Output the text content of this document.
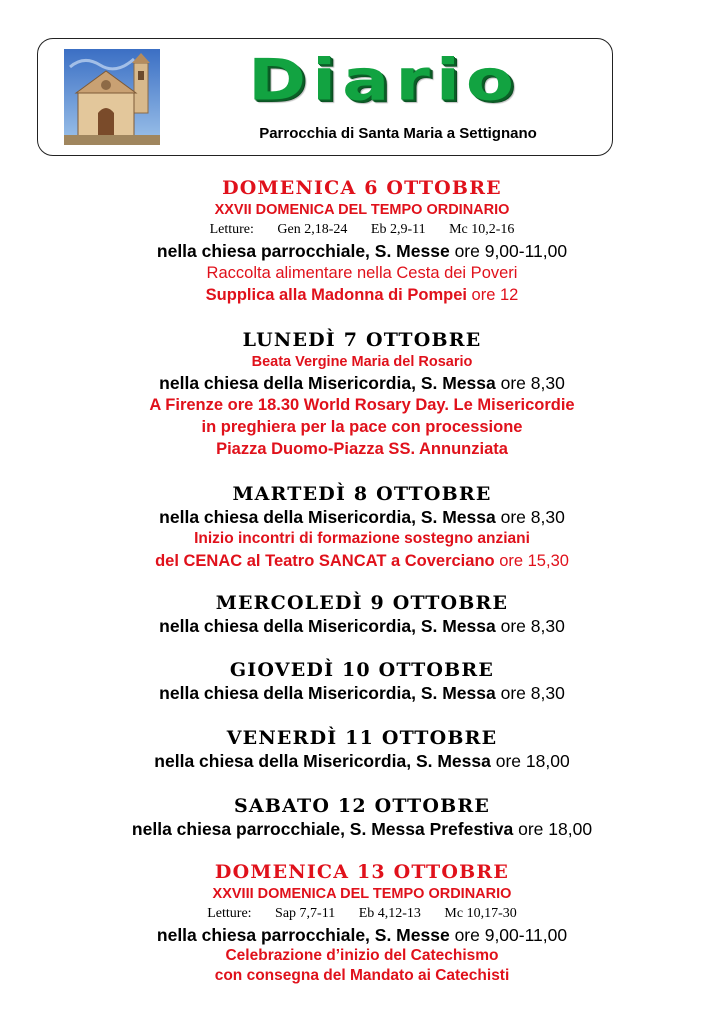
Diario
Parrocchia di Santa Maria a Settignano
DOMENICA 6 OTTOBRE
XXVII DOMENICA DEL TEMPO ORDINARIO
Letture: Gen 2,18-24 Eb 2,9-11 Mc 10,2-16
nella chiesa parrocchiale, S. Messe ore 9,00-11,00
Raccolta alimentare nella Cesta dei Poveri
Supplica alla Madonna di Pompei ore 12
LUNEDÌ 7 OTTOBRE
Beata Vergine Maria del Rosario
nella chiesa della Misericordia, S. Messa ore 8,30
A Firenze ore 18.30 World Rosary Day. Le Misericordie
in preghiera per la pace con processione
Piazza Duomo-Piazza SS. Annunziata
MARTEDÌ 8 OTTOBRE
nella chiesa della Misericordia, S. Messa ore 8,30
Inizio incontri di formazione sostegno anziani
del CENAC al Teatro SANCAT a Coverciano ore 15,30
MERCOLEDÌ 9 OTTOBRE
nella chiesa della Misericordia, S. Messa ore 8,30
GIOVEDÌ 10 OTTOBRE
nella chiesa della Misericordia, S. Messa ore 8,30
VENERDÌ 11 OTTOBRE
nella chiesa della Misericordia, S. Messa ore 18,00
SABATO 12 OTTOBRE
nella chiesa parrocchiale, S. Messa Prefestiva ore 18,00
DOMENICA 13 OTTOBRE
XXVIII DOMENICA DEL TEMPO ORDINARIO
Letture: Sap 7,7-11 Eb 4,12-13 Mc 10,17-30
nella chiesa parrocchiale, S. Messe ore 9,00-11,00
Celebrazione d’inizio del Catechismo
con consegna del Mandato ai Catechisti
